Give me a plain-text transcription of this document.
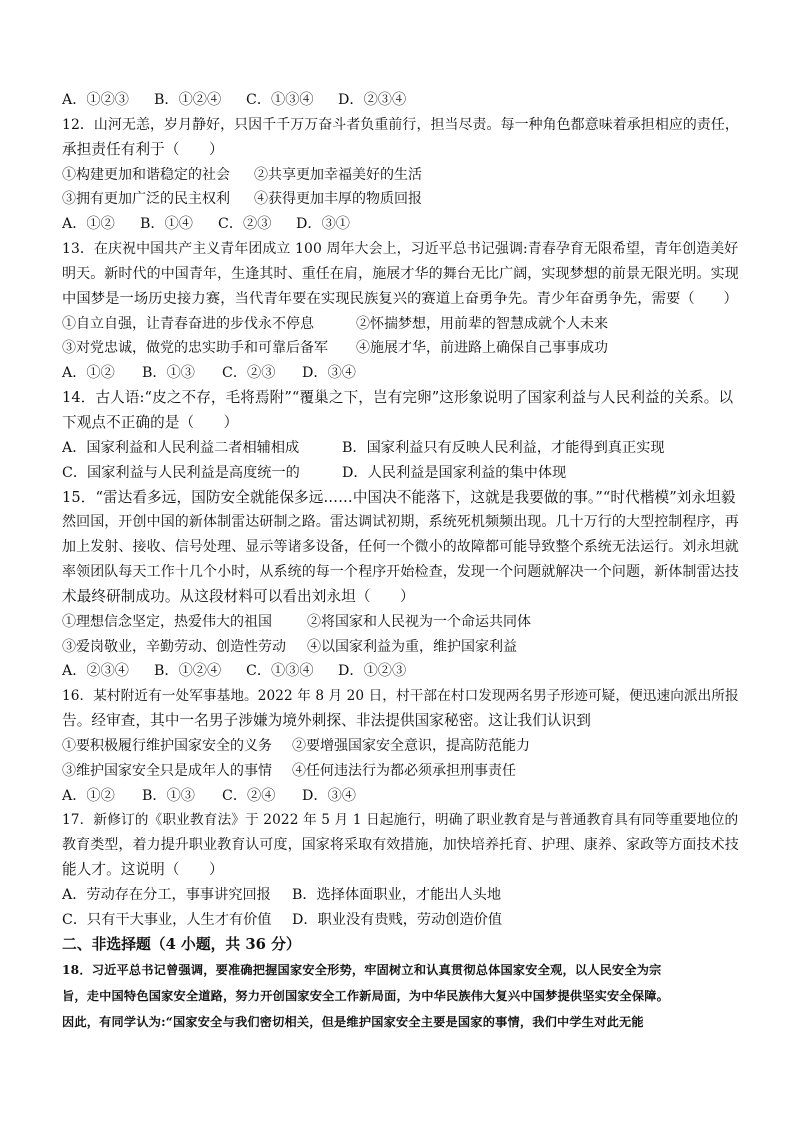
A．①②③	B．①②④	C．①③④	D．②③④
12．山河无恙，岁月静好，只因千千万万奋斗者负重前行，担当尽责。每一种角色都意味着承担相应的责任，
承担责任有利于（　　）
①构建更加和谐稳定的社会	②共享更加幸福美好的生活
③拥有更加广泛的民主权利	④获得更加丰厚的物质回报
A．①②	B．①④	C．②③	D．③①
13．在庆祝中国共产主义青年团成立 100 周年大会上，习近平总书记强调:青春孕育无限希望，青年创造美好
明天。新时代的中国青年，生逢其时、重任在肩，施展才华的舞台无比广阔，实现梦想的前景无限光明。实现
中国梦是一场历史接力赛，当代青年要在实现民族复兴的赛道上奋勇争先。青少年奋勇争先，需要（　　）
①自立自强，让青春奋进的步伐永不停息	②怀揣梦想，用前辈的智慧成就个人未来
③对党忠诚，做党的忠实助手和可靠后备军	④施展才华，前进路上确保自己事事成功
A．①②	B．①③	C．②③	D．③④
14．古人语:“皮之不存，毛将焉附”“覆巢之下，岂有完卵”这形象说明了国家利益与人民利益的关系。以
下观点不正确的是（　　）
A．国家利益和人民利益二者相辅相成	B．国家利益只有反映人民利益，才能得到真正实现
C．国家利益与人民利益是高度统一的	D．人民利益是国家利益的集中体现
15．“雷达看多远，国防安全就能保多远……中国决不能落下，这就是我要做的事。”“时代楷模”刘永坦毅
然回国，开创中国的新体制雷达研制之路。雷达调试初期，系统死机频频出现。几十万行的大型控制程序，再
加上发射、接收、信号处理、显示等诸多设备，任何一个微小的故障都可能导致整个系统无法运行。刘永坦就
率领团队每天工作十几个小时，从系统的每一个程序开始检查，发现一个问题就解决一个问题，新体制雷达技
术最终研制成功。从这段材料可以看出刘永坦（　　）
①理想信念坚定，热爱伟大的祖国	②将国家和人民视为一个命运共同体
③爱岗敬业，辛勤劳动、创造性劳动	④以国家利益为重，维护国家利益
A．②③④	B．①②④	C．①③④	D．①②③
16．某村附近有一处军事基地。2022 年 8 月 20 日，村干部在村口发现两名男子形迹可疑，便迅速向派出所报
告。经审查，其中一名男子涉嫌为境外刺探、非法提供国家秘密。这让我们认识到
①要积极履行维护国家安全的义务	②要增强国家安全意识，提高防范能力
③维护国家安全只是成年人的事情	④任何违法行为都必须承担刑事责任
A．①②	B．①③	C．②④	D．③④
17．新修订的《职业教育法》于 2022 年 5 月 1 日起施行，明确了职业教育是与普通教育具有同等重要地位的
教育类型，着力提升职业教育认可度，国家将采取有效措施，加快培养托育、护理、康养、家政等方面技术技
能人才。这说明（　　）
A．劳动存在分工，事事讲究回报	B．选择体面职业，才能出人头地
C．只有干大事业，人生才有价值	D．职业没有贵贱，劳动创造价值
二、非选择题（4 小题，共 36 分）
18．习近平总书记曾强调，要准确把握国家安全形势，牢固树立和认真贯彻总体国家安全观，以人民安全为宗
旨，走中国特色国家安全道路，努力开创国家安全工作新局面，为中华民族伟大复兴中国梦提供坚实安全保障。
因此，有同学认为:“国家安全与我们密切相关，但是维护国家安全主要是国家的事情，我们中学生对此无能
